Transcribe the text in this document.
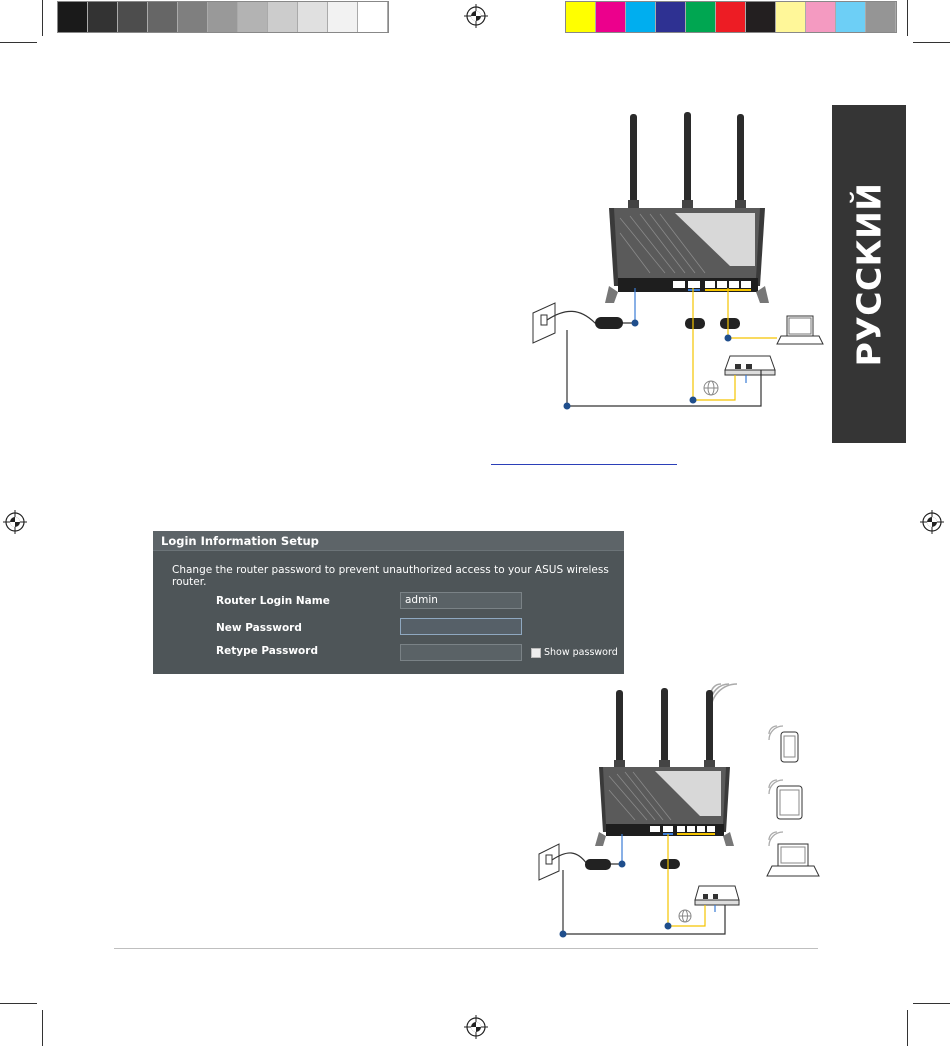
РУССКИЙ
Login Information Setup
Change the router password to prevent unauthorized access to your ASUS wireless router.
Router Login Name	admin
New Password
Retype Password	Show password
